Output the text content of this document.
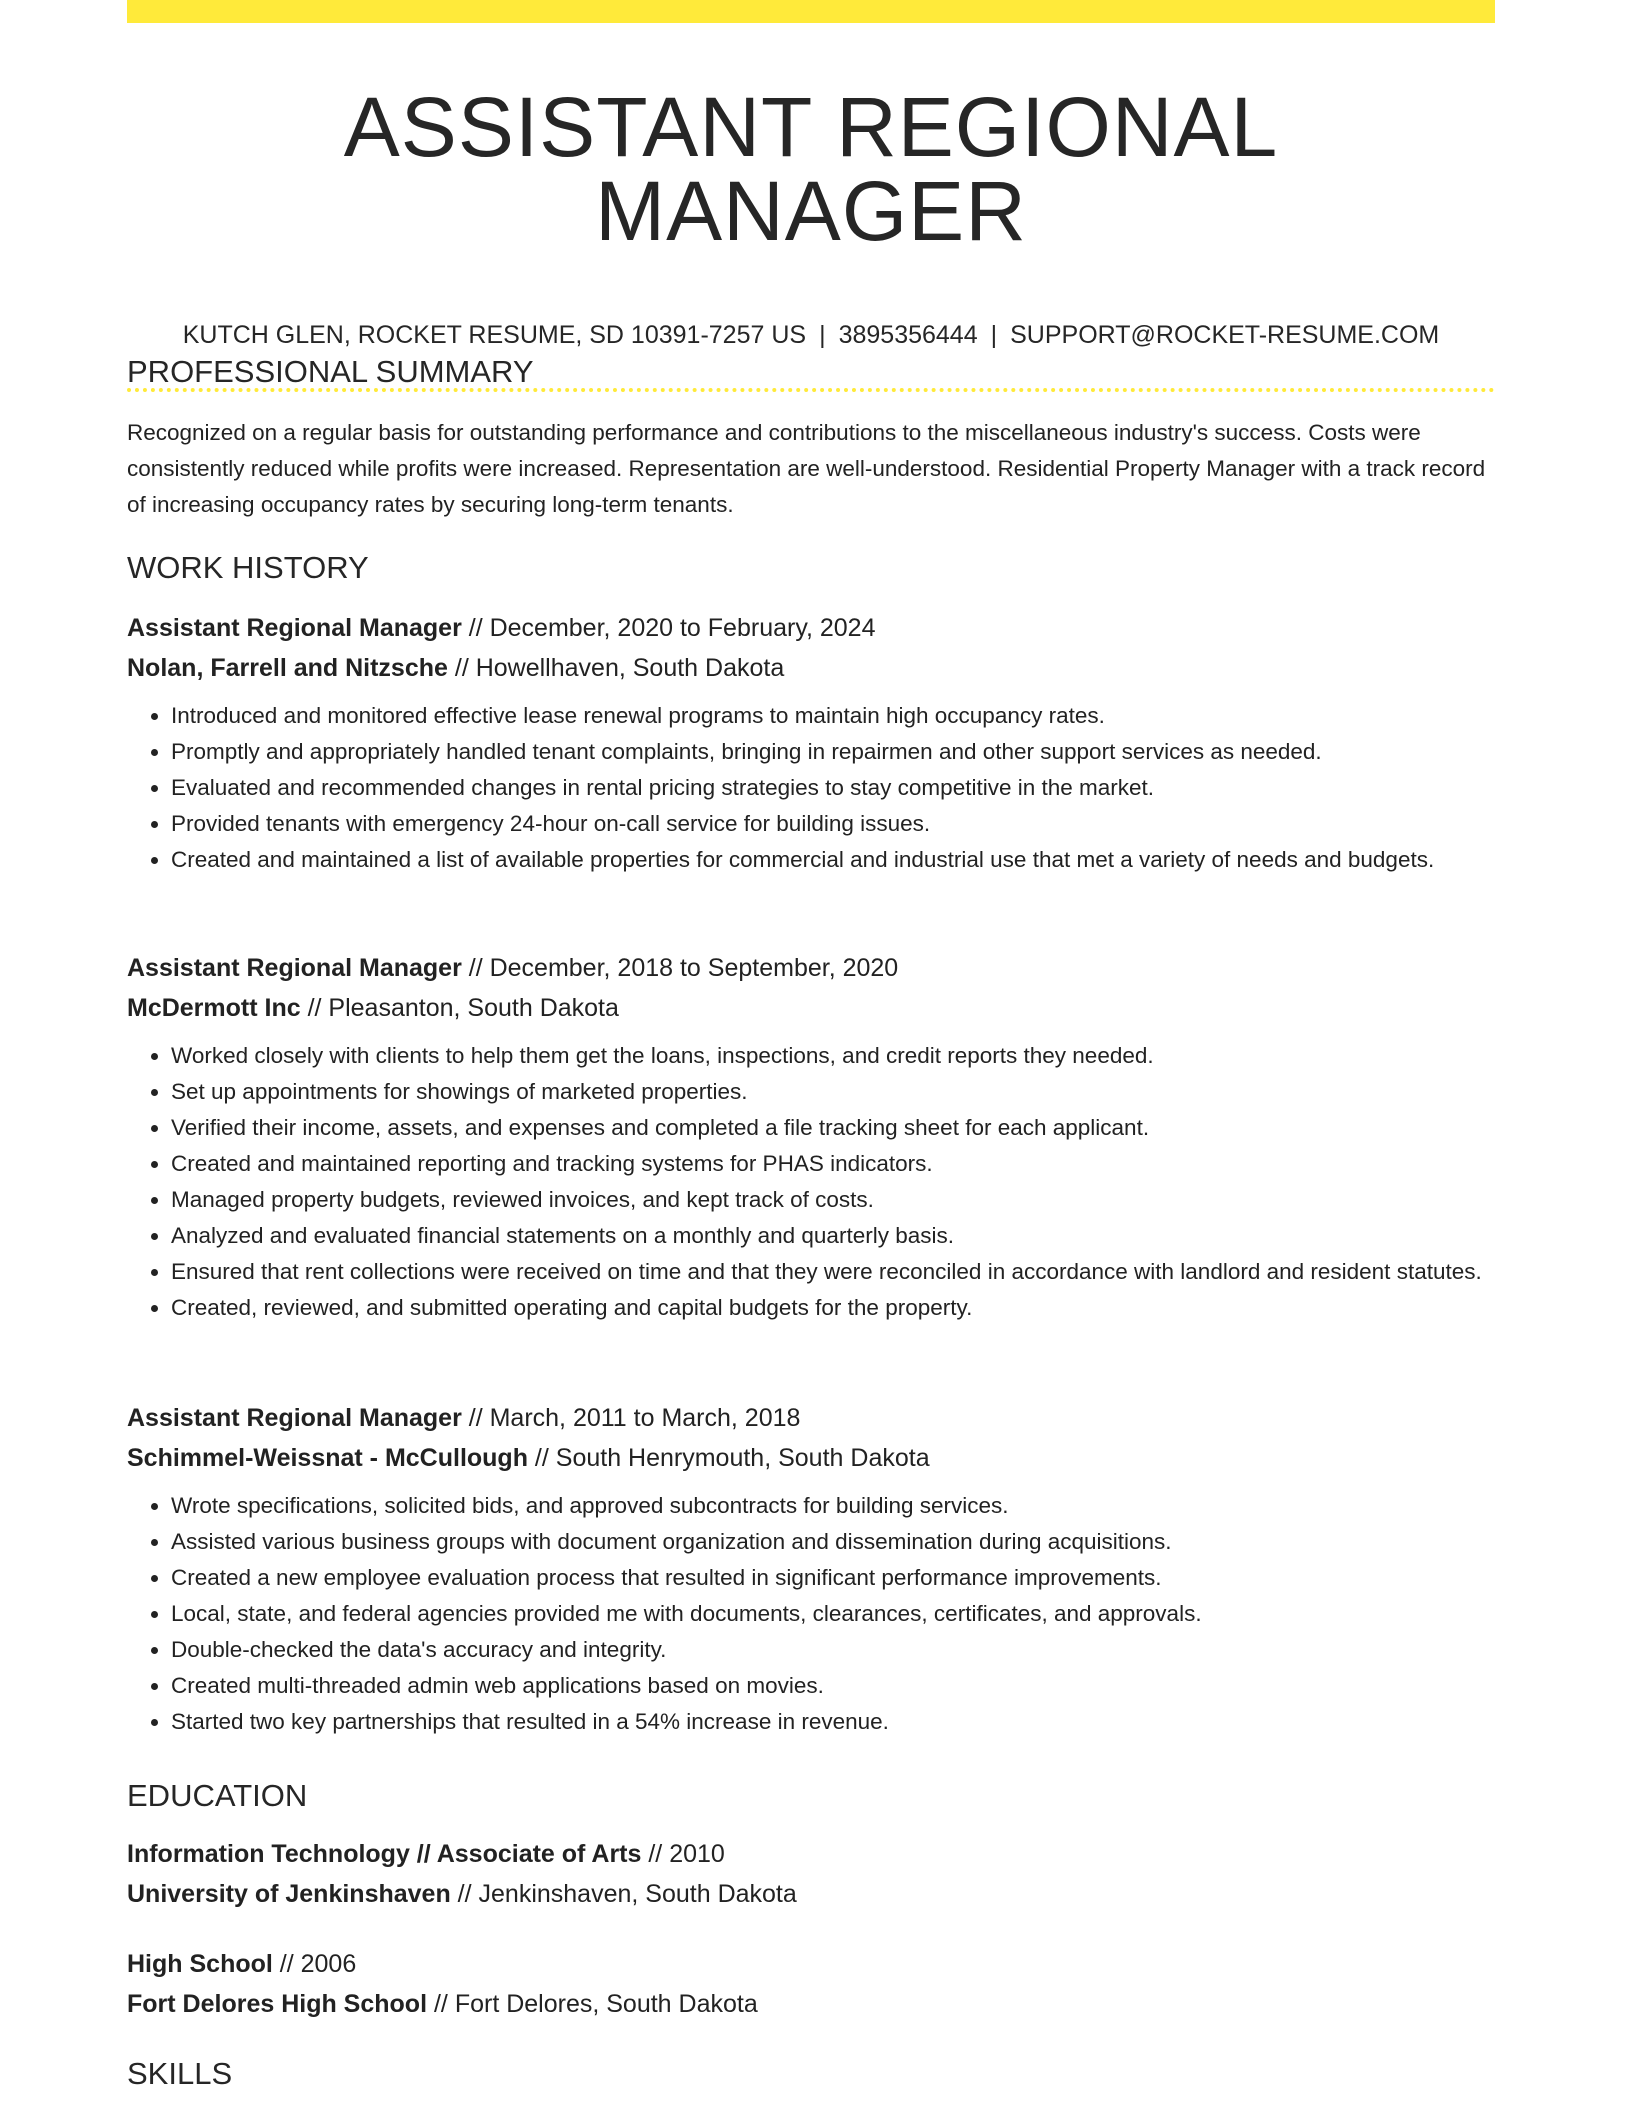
ASSISTANT REGIONAL MANAGER
KUTCH GLEN, ROCKET RESUME, SD 10391-7257 US | 3895356444 | SUPPORT@ROCKET-RESUME.COM
PROFESSIONAL SUMMARY

Recognized on a regular basis for outstanding performance and contributions to the miscellaneous industry's success. Costs were consistently reduced while profits were increased. Representation are well-understood. Residential Property Manager with a track record of increasing occupancy rates by securing long-term tenants.

WORK HISTORY
Assistant Regional Manager // December, 2020 to February, 2024
Nolan, Farrell and Nitzsche // Howellhaven, South Dakota
• Introduced and monitored effective lease renewal programs to maintain high occupancy rates.
• Promptly and appropriately handled tenant complaints, bringing in repairmen and other support services as needed.
• Evaluated and recommended changes in rental pricing strategies to stay competitive in the market.
• Provided tenants with emergency 24-hour on-call service for building issues.
• Created and maintained a list of available properties for commercial and industrial use that met a variety of needs and budgets.
Assistant Regional Manager // December, 2018 to September, 2020
McDermott Inc // Pleasanton, South Dakota
• Worked closely with clients to help them get the loans, inspections, and credit reports they needed.
• Set up appointments for showings of marketed properties.
• Verified their income, assets, and expenses and completed a file tracking sheet for each applicant.
• Created and maintained reporting and tracking systems for PHAS indicators.
• Managed property budgets, reviewed invoices, and kept track of costs.
• Analyzed and evaluated financial statements on a monthly and quarterly basis.
• Ensured that rent collections were received on time and that they were reconciled in accordance with landlord and resident statutes.
• Created, reviewed, and submitted operating and capital budgets for the property.
Assistant Regional Manager // March, 2011 to March, 2018
Schimmel-Weissnat - McCullough // South Henrymouth, South Dakota
• Wrote specifications, solicited bids, and approved subcontracts for building services.
• Assisted various business groups with document organization and dissemination during acquisitions.
• Created a new employee evaluation process that resulted in significant performance improvements.
• Local, state, and federal agencies provided me with documents, clearances, certificates, and approvals.
• Double-checked the data's accuracy and integrity.
• Created multi-threaded admin web applications based on movies.
• Started two key partnerships that resulted in a 54% increase in revenue.
EDUCATION
Information Technology // Associate of Arts // 2010
University of Jenkinshaven // Jenkinshaven, South Dakota
High School // 2006
Fort Delores High School // Fort Delores, South Dakota
SKILLS
